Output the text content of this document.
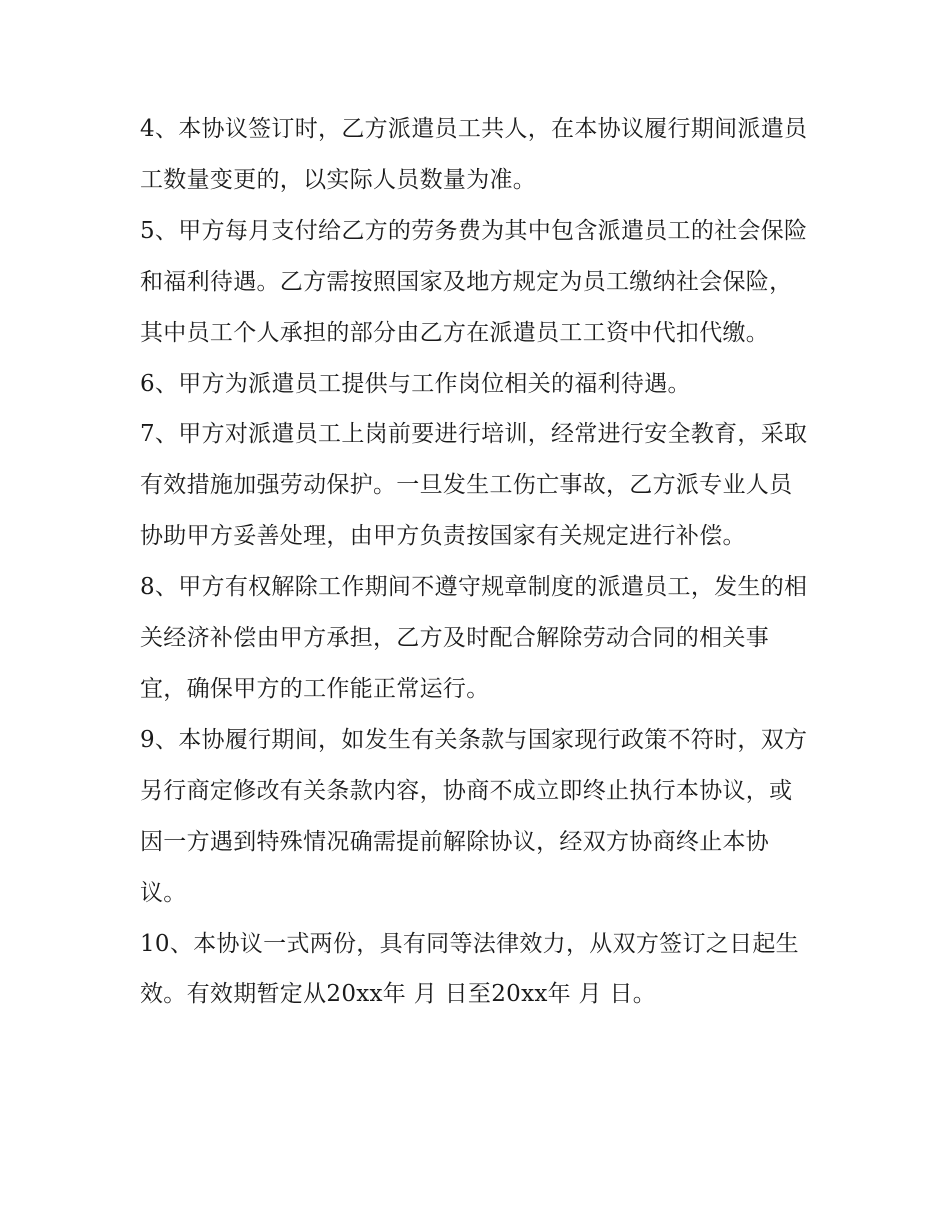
4、本协议签订时，乙方派遣员工共人，在本协议履行期间派遣员工数量变更的，以实际人员数量为准。

5、甲方每月支付给乙方的劳务费为其中包含派遣员工的社会保险和福利待遇。乙方需按照国家及地方规定为员工缴纳社会保险，其中员工个人承担的部分由乙方在派遣员工工资中代扣代缴。

6、甲方为派遣员工提供与工作岗位相关的福利待遇。

7、甲方对派遣员工上岗前要进行培训，经常进行安全教育，采取有效措施加强劳动保护。一旦发生工伤亡事故，乙方派专业人员协助甲方妥善处理，由甲方负责按国家有关规定进行补偿。

8、甲方有权解除工作期间不遵守规章制度的派遣员工，发生的相关经济补偿由甲方承担，乙方及时配合解除劳动合同的相关事宜，确保甲方的工作能正常运行。

9、本协履行期间，如发生有关条款与国家现行政策不符时，双方另行商定修改有关条款内容，协商不成立即终止执行本协议，或因一方遇到特殊情况确需提前解除协议，经双方协商终止本协议。

10、本协议一式两份，具有同等法律效力，从双方签订之日起生效。有效期暂定从20xx年 月 日至20xx年 月 日。
